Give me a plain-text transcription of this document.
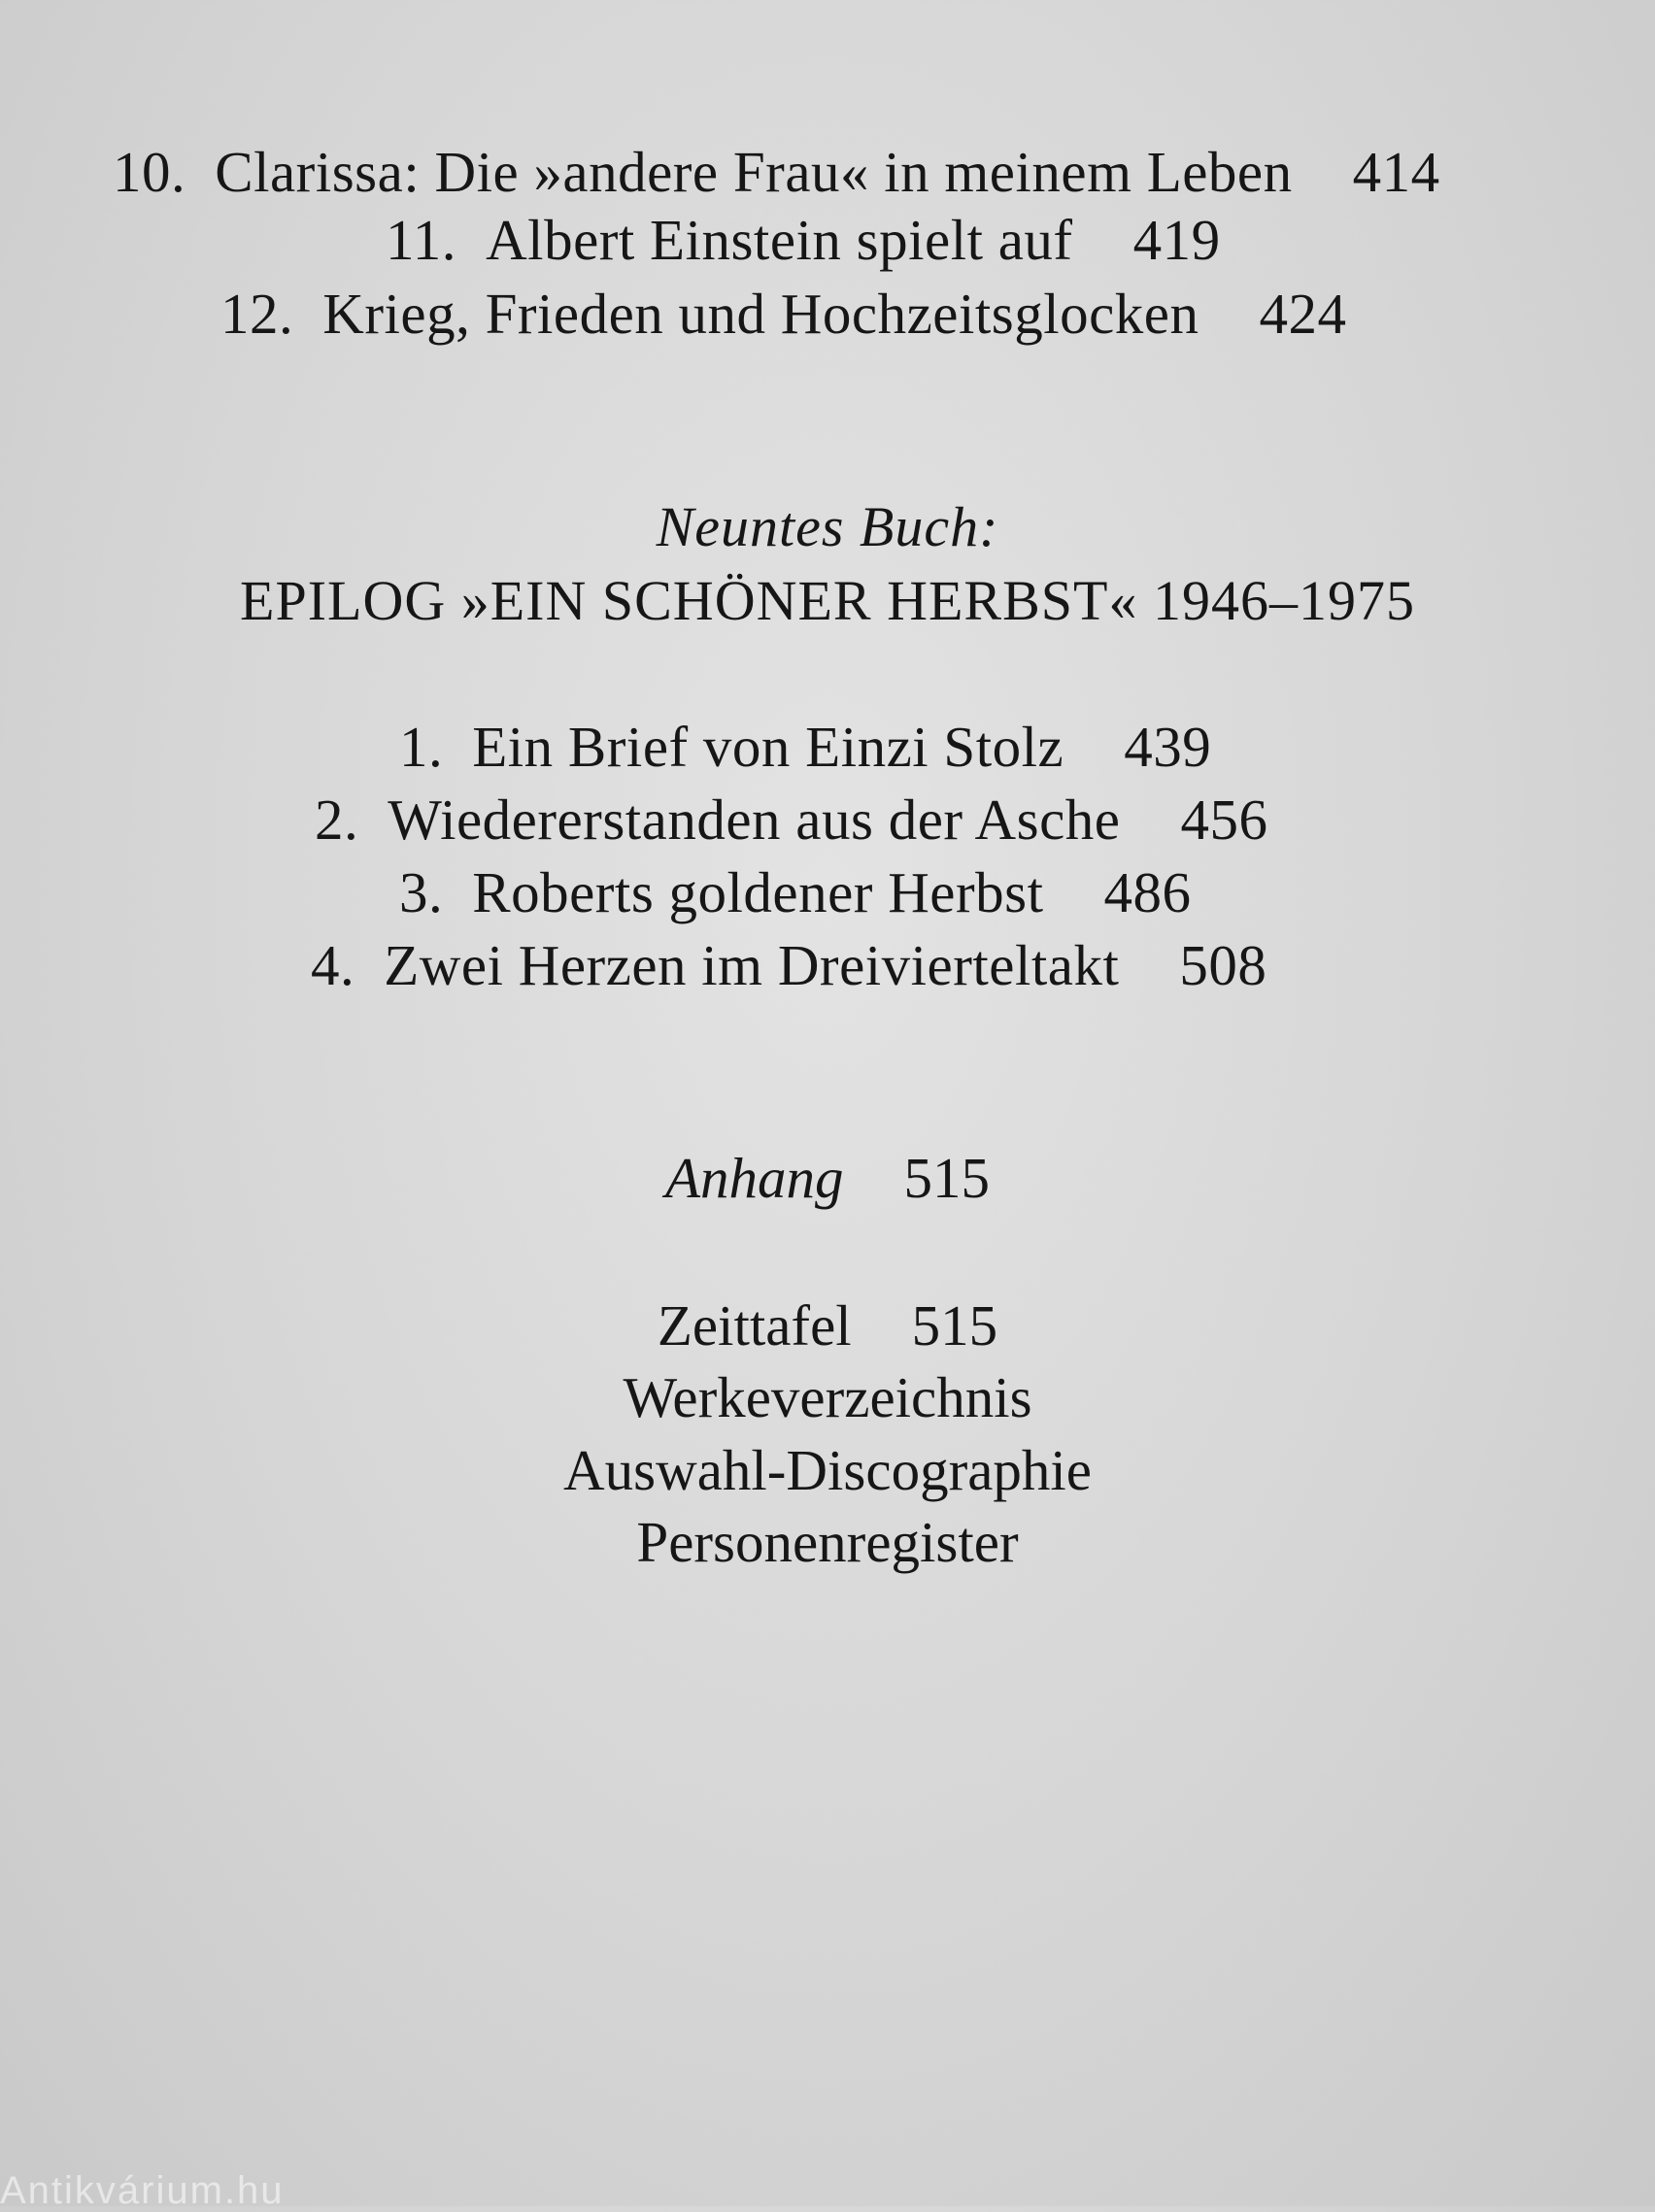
10. Clarissa: Die »andere Frau« in meinem Leben 414
11. Albert Einstein spielt auf 419
12. Krieg, Frieden und Hochzeitsglocken 424
Neuntes Buch:
EPILOG »EIN SCHÖNER HERBST« 1946–1975
1. Ein Brief von Einzi Stolz 439
2. Wiedererstanden aus der Asche 456
3. Roberts goldener Herbst 486
4. Zwei Herzen im Dreivierteltakt 508
Anhang 515
Zeittafel 515
Werkeverzeichnis
Auswahl-Discographie
Personenregister
Antikvárium.hu
